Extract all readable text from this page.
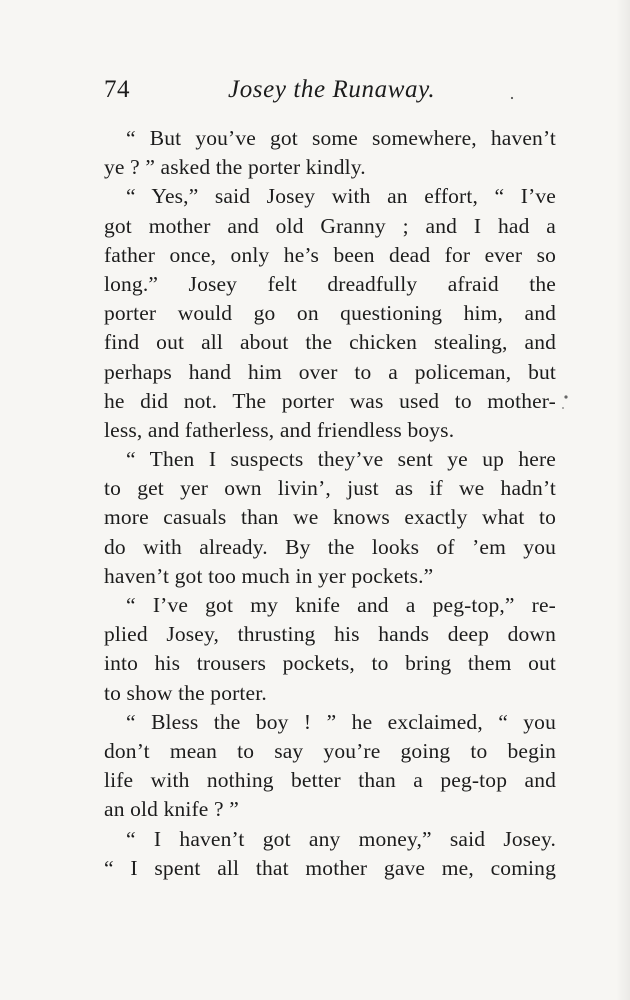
74	Josey the Runaway.
“ But you’ve got some somewhere, haven’t
ye ? ” asked the porter kindly.
“ Yes,” said Josey with an effort, “ I’ve
got mother and old Granny ; and I had a
father once, only he’s been dead for ever so
long.” Josey felt dreadfully afraid the
porter would go on questioning him, and
find out all about the chicken stealing, and
perhaps hand him over to a policeman, but
he did not. The porter was used to mother-
less, and fatherless, and friendless boys.
“ Then I suspects they’ve sent ye up here
to get yer own livin’, just as if we hadn’t
more casuals than we knows exactly what to
do with already. By the looks of ’em you
haven’t got too much in yer pockets.”
“ I’ve got my knife and a peg-top,” re-
plied Josey, thrusting his hands deep down
into his trousers pockets, to bring them out
to show the porter.
“ Bless the boy ! ” he exclaimed, “ you
don’t mean to say you’re going to begin
life with nothing better than a peg-top and
an old knife ? ”
“ I haven’t got any money,” said Josey.
“ I spent all that mother gave me, coming
